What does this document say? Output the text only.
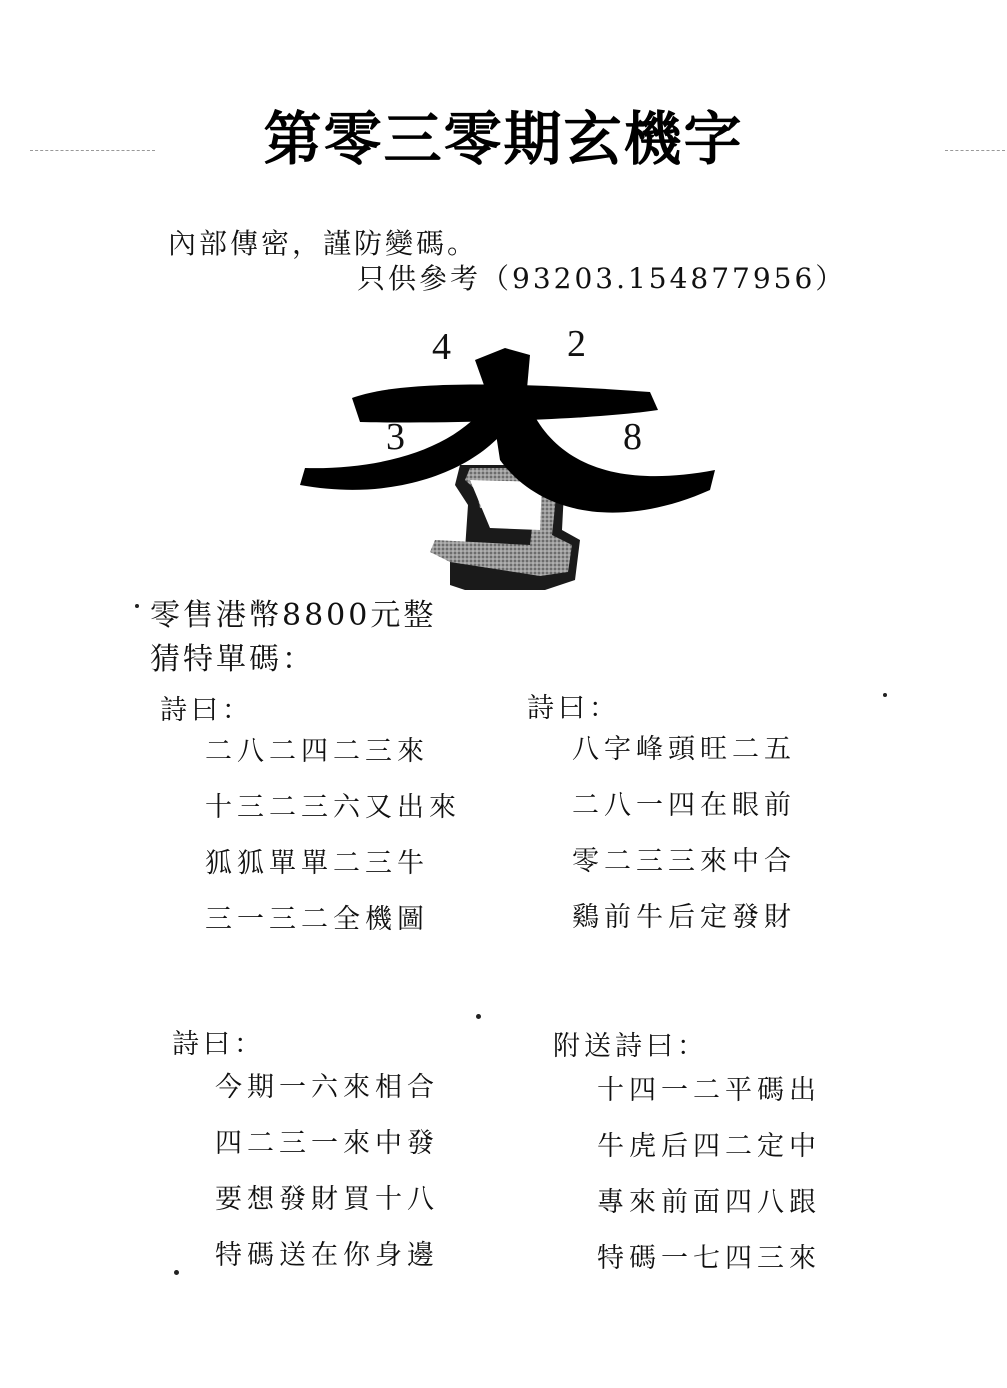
第零三零期玄機字
內部傳密，謹防變碼。
只供參考（93203.154877956）
4	2
3	8
零售港幣8800元整
猜特單碼：
詩曰：
二八二四二三來
十三二三六又出來
狐狐單單二三牛
三一三二全機圖
詩曰：
八字峰頭旺二五
二八一四在眼前
零二三三來中合
鷄前牛后定發財
詩曰：
今期一六來相合
四二三一來中發
要想發財買十八
特碼送在你身邊
附送詩曰：
十四一二平碼出
牛虎后四二定中
專來前面四八跟
特碼一七四三來
